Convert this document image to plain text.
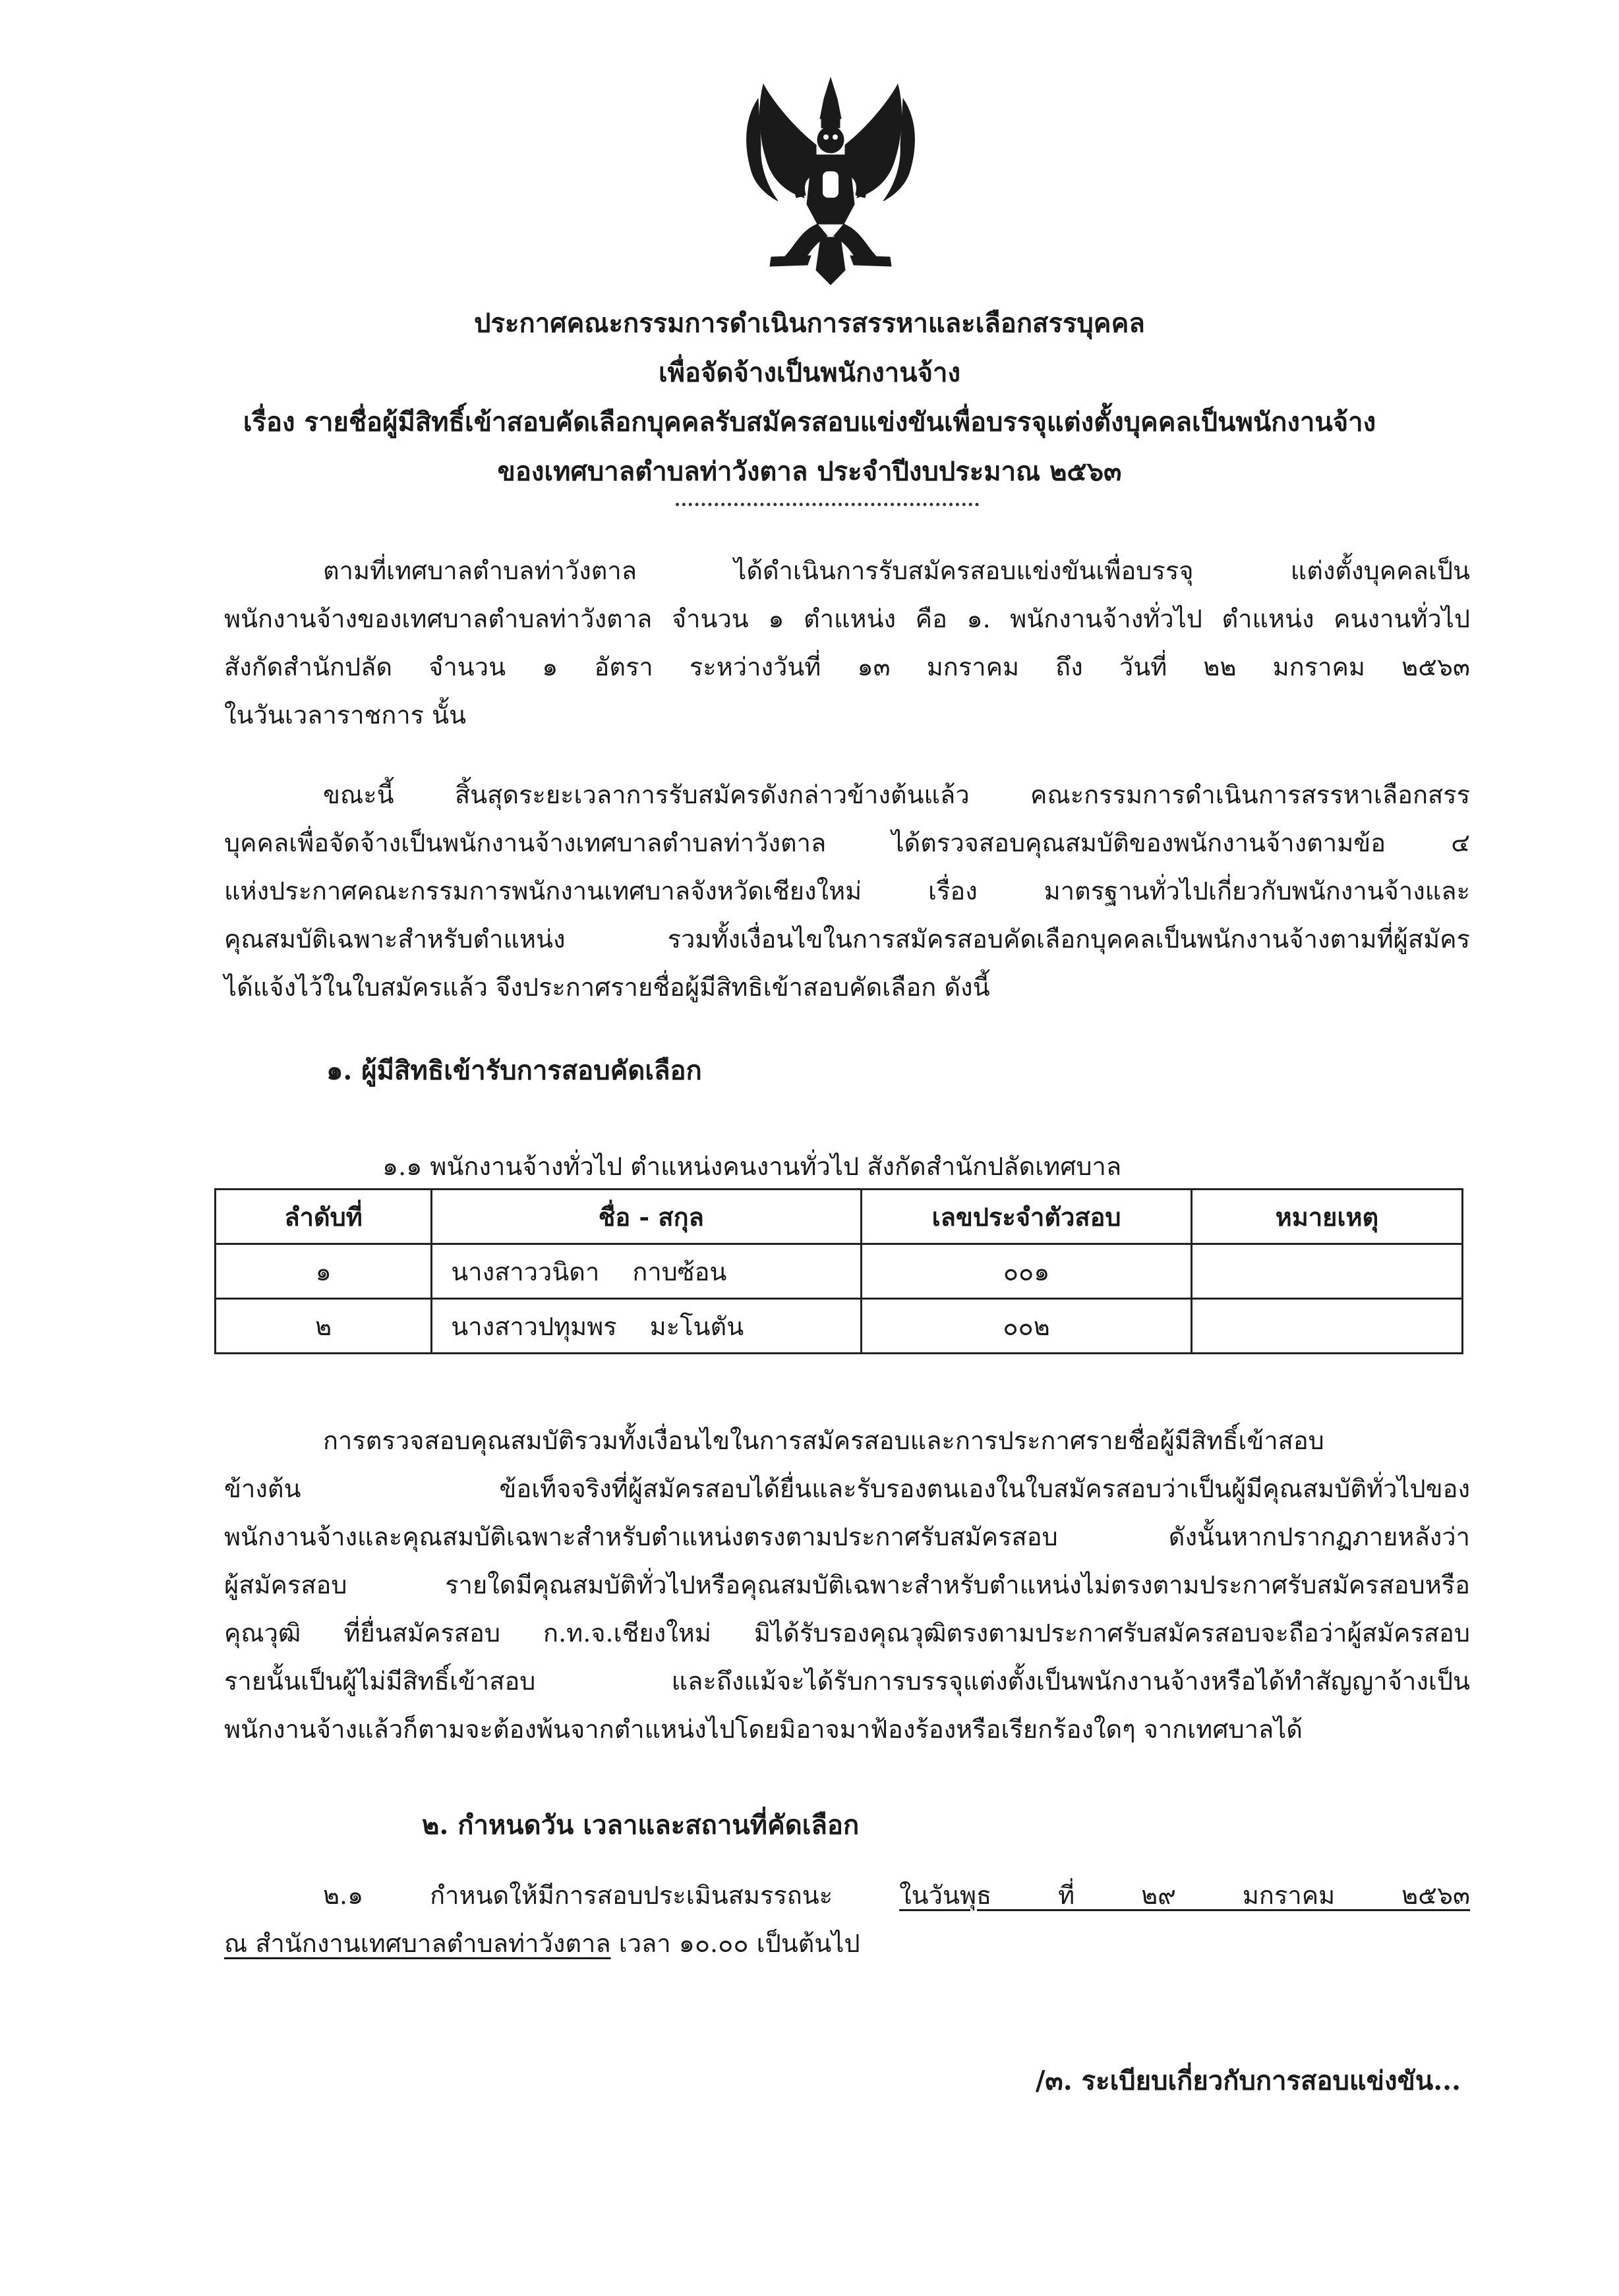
ประกาศคณะกรรมการดำเนินการสรรหาและเลือกสรรบุคคล
เพื่อจัดจ้างเป็นพนักงานจ้าง
เรื่อง รายชื่อผู้มีสิทธิ์เข้าสอบคัดเลือกบุคคลรับสมัครสอบแข่งขันเพื่อบรรจุแต่งตั้งบุคคลเป็นพนักงานจ้าง
ของเทศบาลตำบลท่าวังตาล ประจำปีงบประมาณ ๒๕๖๓

ตามที่เทศบาลตำบลท่าวังตาล ได้ดำเนินการรับสมัครสอบแข่งขันเพื่อบรรจุ แต่งตั้งบุคคลเป็น

พนักงานจ้างของเทศบาลตำบลท่าวังตาล จำนวน ๑ ตำแหน่ง คือ ๑. พนักงานจ้างทั่วไป ตำแหน่ง คนงานทั่วไป

สังกัดสำนักปลัด จำนวน ๑ อัตรา ระหว่างวันที่ ๑๓ มกราคม ถึง วันที่ ๒๒ มกราคม ๒๕๖๓

ในวันเวลาราชการ นั้น

ขณะนี้ สิ้นสุดระยะเวลาการรับสมัครดังกล่าวข้างต้นแล้ว คณะกรรมการดำเนินการสรรหาเลือกสรร

บุคคลเพื่อจัดจ้างเป็นพนักงานจ้างเทศบาลตำบลท่าวังตาล ได้ตรวจสอบคุณสมบัติของพนักงานจ้างตามข้อ ๔

แห่งประกาศคณะกรรมการพนักงานเทศบาลจังหวัดเชียงใหม่ เรื่อง มาตรฐานทั่วไปเกี่ยวกับพนักงานจ้างและ

คุณสมบัติเฉพาะสำหรับตำแหน่ง รวมทั้งเงื่อนไขในการสมัครสอบคัดเลือกบุคคลเป็นพนักงานจ้างตามที่ผู้สมัคร

ได้แจ้งไว้ในใบสมัครแล้ว จึงประกาศรายชื่อผู้มีสิทธิเข้าสอบคัดเลือก ดังนี้

๑. ผู้มีสิทธิเข้ารับการสอบคัดเลือก
๑.๑ พนักงานจ้างทั่วไป ตำแหน่งคนงานทั่วไป สังกัดสำนักปลัดเทศบาล
ลำดับที่	ชื่อ - สกุล	เลขประจำตัวสอบ	หมายเหตุ
๑	นางสาววนิดา กาบซ้อน	๐๐๑	
๒	นางสาวปทุมพร มะโนตัน	๐๐๒	

การตรวจสอบคุณสมบัติรวมทั้งเงื่อนไขในการสมัครสอบและการประกาศรายชื่อผู้มีสิทธิ์เข้าสอบ

ข้างต้น ข้อเท็จจริงที่ผู้สมัครสอบได้ยื่นและรับรองตนเองในใบสมัครสอบว่าเป็นผู้มีคุณสมบัติทั่วไปของ

พนักงานจ้างและคุณสมบัติเฉพาะสำหรับตำแหน่งตรงตามประกาศรับสมัครสอบ ดังนั้นหากปรากฏภายหลังว่า

ผู้สมัครสอบ รายใดมีคุณสมบัติทั่วไปหรือคุณสมบัติเฉพาะสำหรับตำแหน่งไม่ตรงตามประกาศรับสมัครสอบหรือ

คุณวุฒิ ที่ยื่นสมัครสอบ ก.ท.จ.เชียงใหม่ มิได้รับรองคุณวุฒิตรงตามประกาศรับสมัครสอบจะถือว่าผู้สมัครสอบ

รายนั้นเป็นผู้ไม่มีสิทธิ์เข้าสอบ และถึงแม้จะได้รับการบรรจุแต่งตั้งเป็นพนักงานจ้างหรือได้ทำสัญญาจ้างเป็น

พนักงานจ้างแล้วก็ตามจะต้องพ้นจากตำแหน่งไปโดยมิอาจมาฟ้องร้องหรือเรียกร้องใดๆ จากเทศบาลได้

๒. กำหนดวัน เวลาและสถานที่คัดเลือก

๒.๑ กำหนดให้มีการสอบประเมินสมรรถนะ	ในวันพุธ ที่ ๒๙ มกราคม ๒๕๖๓

ณ สำนักงานเทศบาลตำบลท่าวังตาล เวลา ๑๐.๐๐ เป็นต้นไป

/๓. ระเบียบเกี่ยวกับการสอบแข่งขัน...
